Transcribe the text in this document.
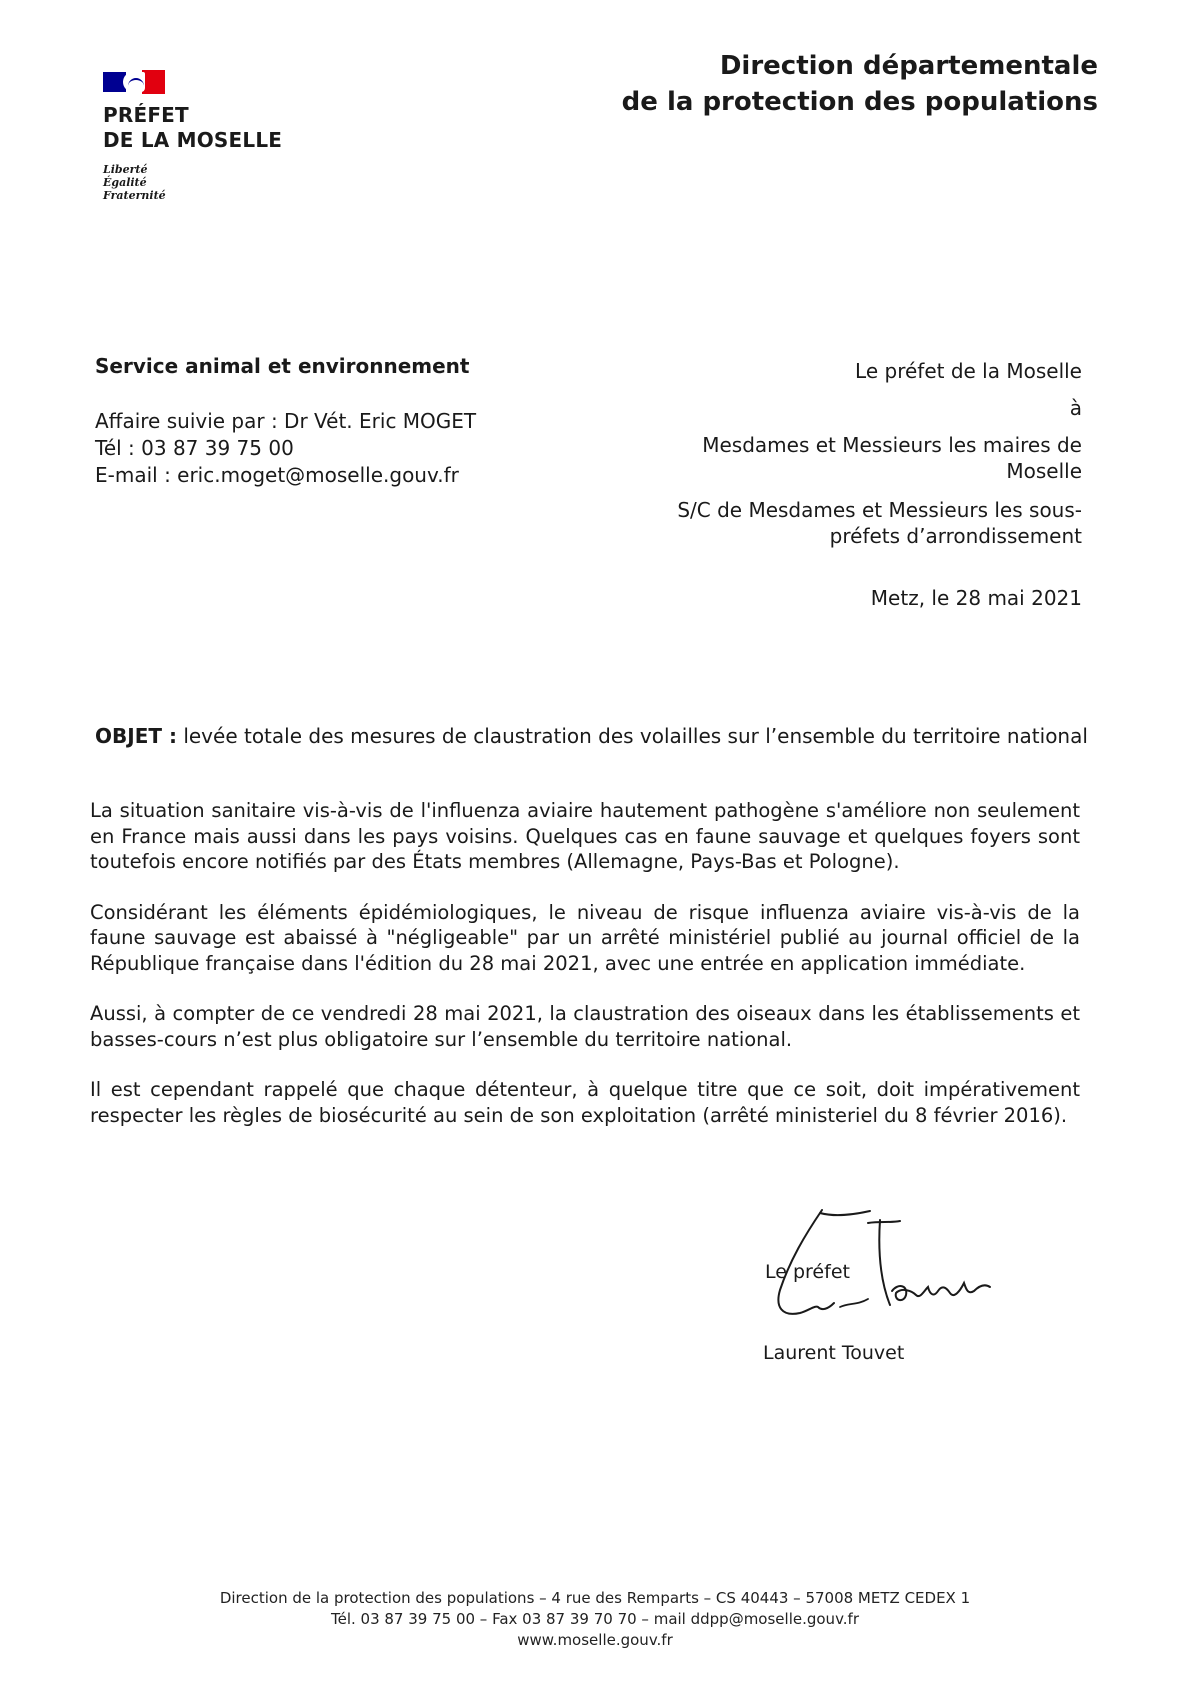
PRÉFET
DE LA MOSELLE
Liberté
Égalité
Fraternité
Direction départementale
de la protection des populations
Service animal et environnement
Affaire suivie par : Dr Vét. Eric MOGET
Tél : 03 87 39 75 00
E-mail : eric.moget@moselle.gouv.fr
Le préfet de la Moselle
à
Mesdames et Messieurs les maires de
Moselle
S/C de Mesdames et Messieurs les sous-
préfets d’arrondissement
Metz, le 28 mai 2021
OBJET : levée totale des mesures de claustration des volailles sur l’ensemble du territoire national

La situation sanitaire vis-à-vis de l'influenza aviaire hautement pathogène s'améliore non seulement en France mais aussi dans les pays voisins. Quelques cas en faune sauvage et quelques foyers sont toutefois encore notifiés par des États membres (Allemagne, Pays-Bas et Pologne).

Considérant les éléments épidémiologiques, le niveau de risque influenza aviaire vis-à-vis de la faune sauvage est abaissé à "négligeable" par un arrêté ministériel publié au journal officiel de la République française dans l'édition du 28 mai 2021, avec une entrée en application immédiate.

Aussi, à compter de ce vendredi 28 mai 2021, la claustration des oiseaux dans les établissements et basses-cours n’est plus obligatoire sur l’ensemble du territoire national.

Il est cependant rappelé que chaque détenteur, à quelque titre que ce soit, doit impérativement respecter les règles de biosécurité au sein de son exploitation (arrêté ministeriel du 8 février 2016).

Le préfet
Laurent Touvet
Direction de la protection des populations – 4 rue des Remparts – CS 40443 – 57008 METZ CEDEX 1
Tél. 03 87 39 75 00 – Fax 03 87 39 70 70 – mail ddpp@moselle.gouv.fr
www.moselle.gouv.fr
